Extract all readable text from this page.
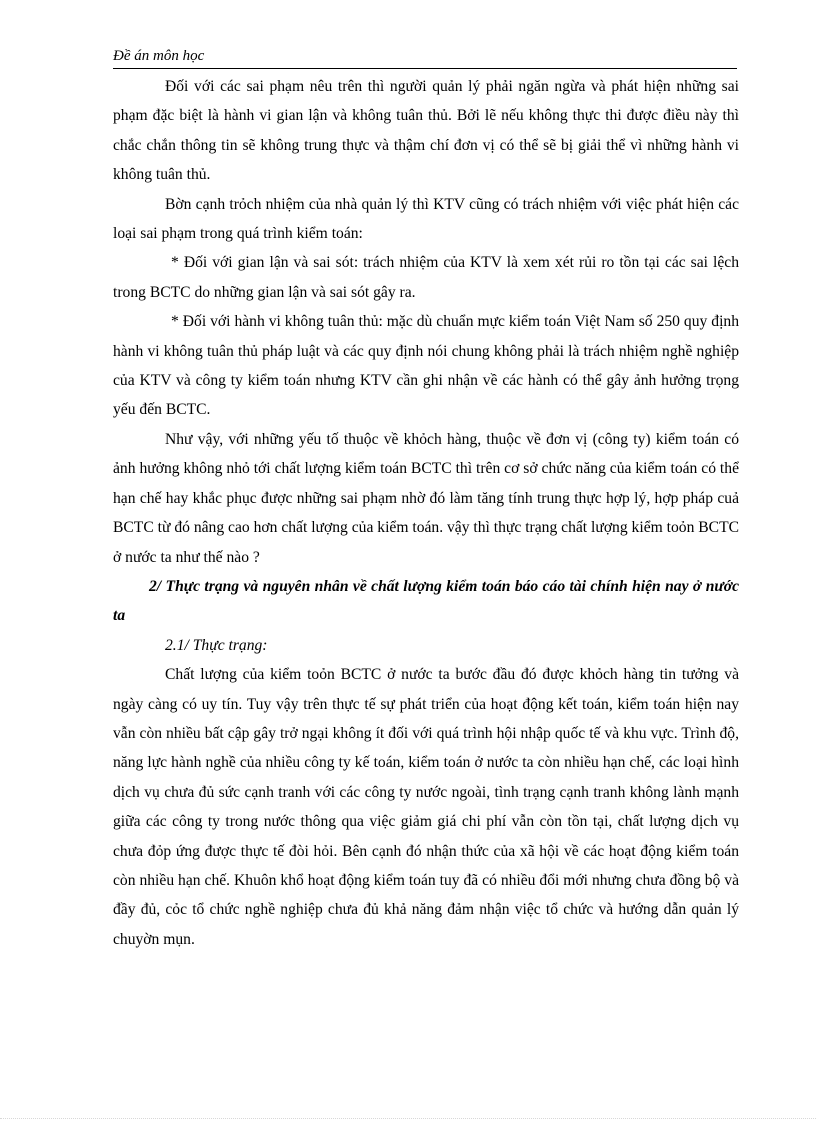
Đề án môn học

Đối với các sai phạm nêu trên thì người quản lý phải ngăn ngừa và phát hiện những sai phạm đặc biệt là hành vi gian lận và không tuân thủ. Bởi lẽ nếu không thực thi được điều này thì chắc chắn thông tin sẽ không trung thực và thậm chí đơn vị có thể sẽ bị giải thể vì những hành vi không tuân thủ.

Bờn cạnh trỏch nhiệm của nhà quản lý thì KTV cũng có trách nhiệm với việc phát hiện các loại sai phạm trong quá trình kiểm toán:

* Đối với gian lận và sai sót: trách nhiệm của KTV là xem xét rủi ro tồn tại các sai lệch trong BCTC do những gian lận và sai sót gây ra.

* Đối với hành vi không tuân thủ: mặc dù chuẩn mực kiểm toán Việt Nam số 250 quy định hành vi không tuân thủ pháp luật và các quy định nói chung không phải là trách nhiệm nghề nghiệp của KTV và công ty kiểm toán nhưng KTV cần ghi nhận về các hành có thể gây ảnh hưởng trọng yếu đến BCTC.

Như vậy, với những yếu tố thuộc về khỏch hàng, thuộc về đơn vị (công ty) kiểm toán có ảnh hưởng không nhỏ tới chất lượng kiểm toán BCTC thì trên cơ sở chức năng của kiểm toán có thể hạn chế hay khắc phục được những sai phạm nhờ đó làm tăng tính trung thực hợp lý, hợp pháp cuả BCTC từ đó nâng cao hơn chất lượng của kiểm toán. vậy thì thực trạng chất lượng kiểm toỏn BCTC ở nước ta như thế nào ?

2/ Thực trạng và nguyên nhân về chất lượng kiểm toán báo cáo tài chính hiện nay ở nước ta

2.1/ Thực trạng:

Chất lượng của kiểm toỏn BCTC ở nước ta bước đầu đó được khỏch hàng tin tưởng và ngày càng có uy tín. Tuy vậy trên thực tế sự phát triển của hoạt động kết toán, kiểm toán hiện nay vẫn còn nhiều bất cập gây trở ngại không ít đối với quá trình hội nhập quốc tế và khu vực. Trình độ, năng lực hành nghề của nhiều công ty kế toán, kiểm toán ở nước ta còn nhiều hạn chế, các loại hình dịch vụ chưa đủ sức cạnh tranh với các công ty nước ngoài, tình trạng cạnh tranh không lành mạnh giữa các công ty trong nước thông qua việc giảm giá chi phí vẫn còn tồn tại, chất lượng dịch vụ chưa đỏp ứng được thực tế đòi hỏi. Bên cạnh đó nhận thức của xã hội về các hoạt động kiểm toán còn nhiều hạn chế. Khuôn khổ hoạt động kiểm toán tuy đã có nhiều đổi mới nhưng chưa đồng bộ và đầy đủ, cỏc tổ chức nghề nghiệp chưa đủ khả năng đảm nhận việc tổ chức và hướng dẫn quản lý chuyờn mụn.
